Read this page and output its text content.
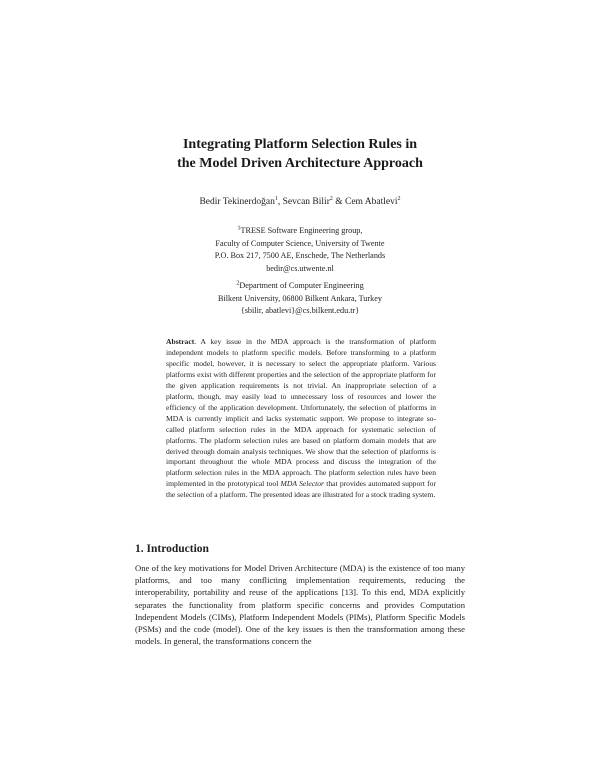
Integrating Platform Selection Rules in
the Model Driven Architecture Approach
Bedir Tekinerdoğan$^1$, Sevcan Bilir$^2$ & Cem Abatlevi$^2$
$^1$TRESE Software Engineering group,
Faculty of Computer Science, University of Twente
P.O. Box 217, 7500 AE, Enschede, The Netherlands
bedir@cs.utwente.nl
$^2$Department of Computer Engineering
Bilkent University, 06800 Bilkent Ankara, Turkey
{sbilir, abatlevi}@cs.bilkent.edu.tr}
Abstract. A key issue in the MDA approach is the transformation of platform independent models to platform specific models. Before transforming to a platform specific model, however, it is necessary to select the appropriate platform. Various platforms exist with different properties and the selection of the appropriate platform for the given application requirements is not trivial. An inappropriate selection of a platform, though, may easily lead to unnecessary loss of resources and lower the efficiency of the application development. Unfortunately, the selection of platforms in MDA is currently implicit and lacks systematic support. We propose to integrate so-called platform selection rules in the MDA approach for systematic selection of platforms. The platform selection rules are based on platform domain models that are derived through domain analysis techniques. We show that the selection of platforms is important throughout the whole MDA process and discuss the integration of the platform selection rules in the MDA approach. The platform selection rules have been implemented in the prototypical tool MDA Selector that provides automated support for the selection of a platform. The presented ideas are illustrated for a stock trading system.
1. Introduction
One of the key motivations for Model Driven Architecture (MDA) is the existence of too many platforms, and too many conflicting implementation requirements, reducing the interoperability, portability and reuse of the applications [13]. To this end, MDA explicitly separates the functionality from platform specific concerns and provides Computation Independent Models (CIMs), Platform Independent Models (PIMs), Platform Specific Models (PSMs) and the code (model). One of the key issues is then the transformation among these models. In general, the transformations concern the
